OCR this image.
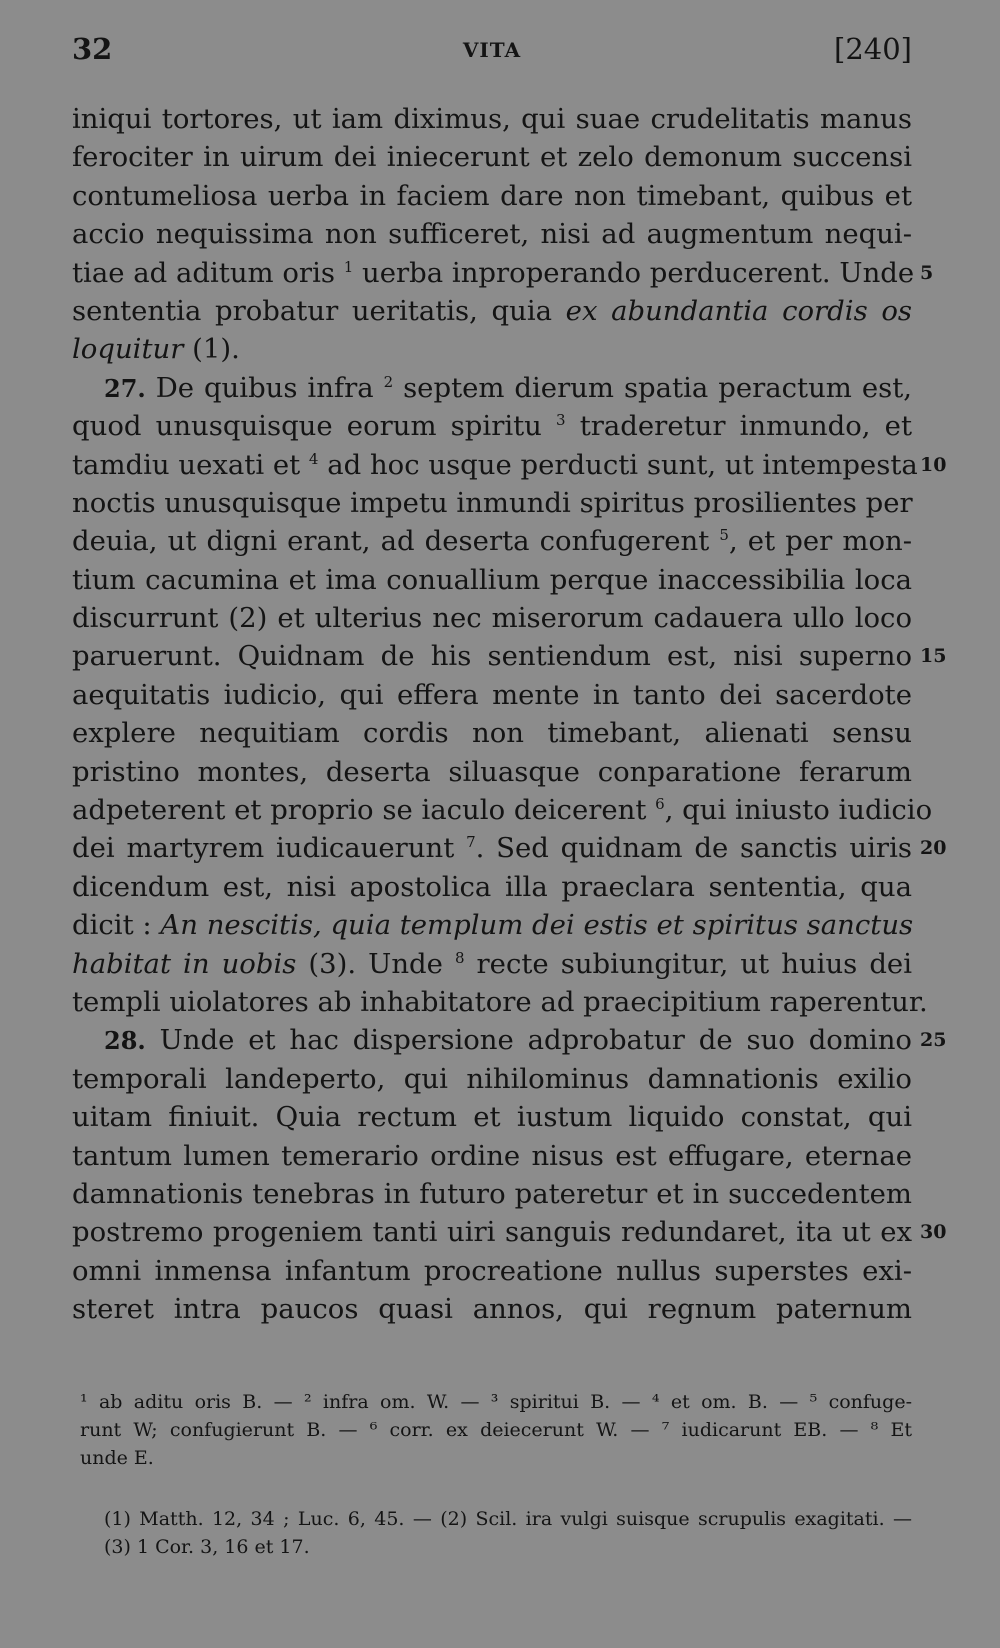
32	VITA	[240]
iniqui tortores, ut iam diximus, qui suae crudelitatis manus
ferociter in uirum dei iniecerunt et zelo demonum succensi
contumeliosa uerba in faciem dare non timebant, quibus et
accio nequissima non sufficeret, nisi ad augmentum nequi-
tiae ad aditum oris $^1$ uerba inproperando perducerent. Unde 5
sententia probatur ueritatis, quia ex abundantia cordis os
loquitur (1).
27. De quibus infra $^2$ septem dierum spatia peractum est,
quod unusquisque eorum spiritu $^3$ traderetur inmundo, et
tamdiu uexati et $^4$ ad hoc usque perducti sunt, ut intempesta 10
noctis unusquisque impetu inmundi spiritus prosilientes per
deuia, ut digni erant, ad deserta confugerent $^5$, et per mon-
tium cacumina et ima conuallium perque inaccessibilia loca
discurrunt (2) et ulterius nec miserorum cadauera ullo loco
paruerunt. Quidnam de his sentiendum est, nisi superno 15
aequitatis iudicio, qui effera mente in tanto dei sacerdote
explere nequitiam cordis non timebant, alienati sensu
pristino montes, deserta siluasque conparatione ferarum
adpeterent et proprio se iaculo deicerent $^6$, qui iniusto iudicio
dei martyrem iudicauerunt $^7$. Sed quidnam de sanctis uiris 20
dicendum est, nisi apostolica illa praeclara sententia, qua
dicit : An nescitis, quia templum dei estis et spiritus sanctus
habitat in uobis (3). Unde $^8$ recte subiungitur, ut huius dei
templi uiolatores ab inhabitatore ad praecipitium raperentur.
28. Unde et hac dispersione adprobatur de suo domino 25
temporali landeperto, qui nihilominus damnationis exilio
uitam finiuit. Quia rectum et iustum liquido constat, qui
tantum lumen temerario ordine nisus est effugare, eternae
damnationis tenebras in futuro pateretur et in succedentem
postremo progeniem tanti uiri sanguis redundaret, ita ut ex 30
omni inmensa infantum procreatione nullus superstes exi-
steret intra paucos quasi annos, qui regnum paternum
¹ ab aditu oris B. — ² infra om. W. — ³ spiritui B. — ⁴ et om. B. — ⁵ confuge-
runt W; confugierunt B. — ⁶ corr. ex deiecerunt W. — ⁷ iudicarunt EB. — ⁸ Et
unde E.
(1) Matth. 12, 34 ; Luc. 6, 45. — (2) Scil. ira vulgi suisque scrupulis exagitati. —
(3) 1 Cor. 3, 16 et 17.
